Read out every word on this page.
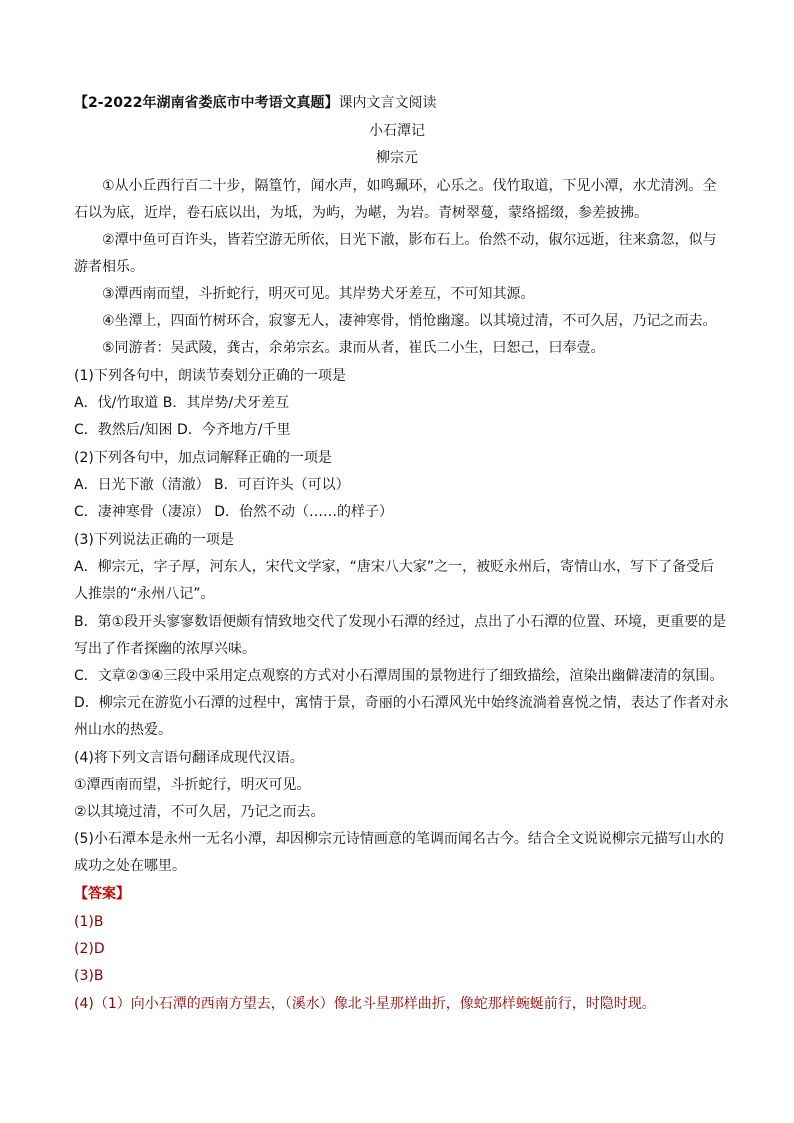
【2-2022年湖南省娄底市中考语文真题】课内文言文阅读
小石潭记
柳宗元
①从小丘西行百二十步，隔篁竹，闻水声，如鸣珮环，心乐之。伐竹取道，下见小潭，水尤清洌。全
石以为底，近岸，卷石底以出，为坻，为屿，为嵁，为岩。青树翠蔓，蒙络摇缀，参差披拂。
②潭中鱼可百许头，皆若空游无所依，日光下澈，影布石上。佁然不动，俶尔远逝，往来翕忽，似与
游者相乐。
③潭西南而望，斗折蛇行，明灭可见。其岸势犬牙差互，不可知其源。
④坐潭上，四面竹树环合，寂寥无人，凄神寒骨，悄怆幽邃。以其境过清，不可久居，乃记之而去。
⑤同游者：吴武陵，龚古，余弟宗玄。隶而从者，崔氏二小生，曰恕己，曰奉壹。
(1)下列各句中，朗读节奏划分正确的一项是
A．伐/竹取道 B．其岸势/犬牙差互
C．教然后/知困 D．今齐地方/千里
(2)下列各句中，加点词解释正确的一项是
A．日光下澈（清澈） B．可百许头（可以）
C．凄神寒骨（凄凉） D．佁然不动（……的样子）
(3)下列说法正确的一项是
A．柳宗元，字子厚，河东人，宋代文学家，“唐宋八大家”之一，被贬永州后，寄情山水，写下了备受后
人推崇的“永州八记”。
B．第①段开头寥寥数语便颇有情致地交代了发现小石潭的经过，点出了小石潭的位置、环境，更重要的是
写出了作者探幽的浓厚兴味。
C．文章②③④三段中采用定点观察的方式对小石潭周围的景物进行了细致描绘，渲染出幽僻凄清的氛围。
D．柳宗元在游览小石潭的过程中，寓情于景，奇丽的小石潭风光中始终流淌着喜悦之情，表达了作者对永
州山水的热爱。
(4)将下列文言语句翻译成现代汉语。
①潭西南而望，斗折蛇行，明灭可见。
②以其境过清，不可久居，乃记之而去。
(5)小石潭本是永州一无名小潭，却因柳宗元诗情画意的笔调而闻名古今。结合全文说说柳宗元描写山水的
成功之处在哪里。
【答案】
(1)B
(2)D
(3)B
(4)（1）向小石潭的西南方望去，（溪水）像北斗星那样曲折，像蛇那样蜿蜒前行，时隐时现。
